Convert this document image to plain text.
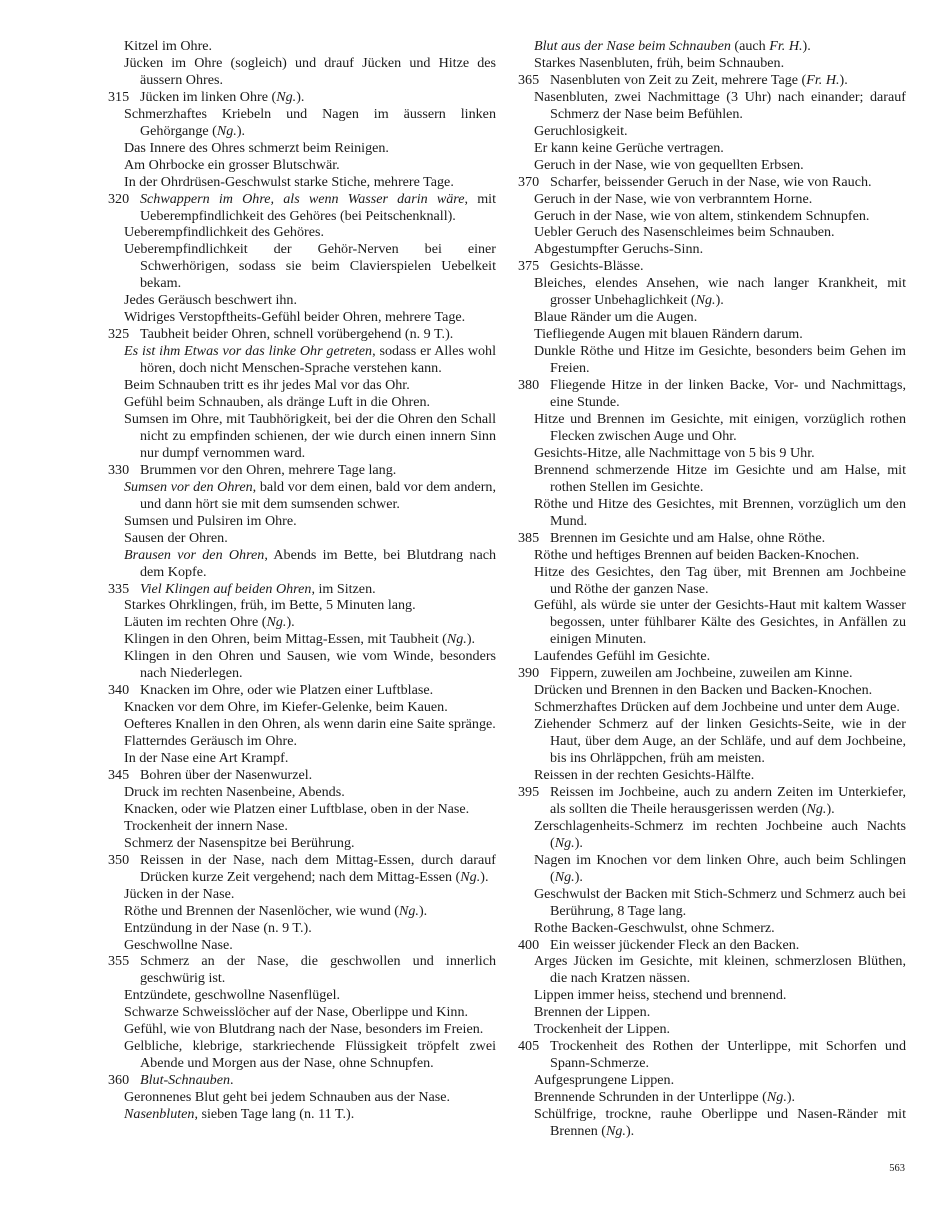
Kitzel im Ohre.

Jücken im Ohre (sogleich) und drauf Jücken und Hitze des äussern Ohres.

315 Jücken im linken Ohre (Ng.).

Schmerzhaftes Kriebeln und Nagen im äussern linken Gehörgange (Ng.).

Das Innere des Ohres schmerzt beim Reinigen.

Am Ohrbocke ein grosser Blutschwär.

In der Ohrdrüsen-Geschwulst starke Stiche, mehrere Tage.

320 Schwappern im Ohre, als wenn Wasser darin wäre, mit Ueberempfindlichkeit des Gehöres (bei Peitschenknall).

Ueberempfindlichkeit des Gehöres.

Ueberempfindlichkeit der Gehör-Nerven bei einer Schwerhörigen, sodass sie beim Clavierspielen Uebelkeit bekam.

Jedes Geräusch beschwert ihn.

Widriges Verstopftheits-Gefühl beider Ohren, mehrere Tage.

325 Taubheit beider Ohren, schnell vorübergehend (n. 9 T.).

Es ist ihm Etwas vor das linke Ohr getreten, sodass er Alles wohl hören, doch nicht Menschen-Sprache verstehen kann.

Beim Schnauben tritt es ihr jedes Mal vor das Ohr.

Gefühl beim Schnauben, als dränge Luft in die Ohren.

Sumsen im Ohre, mit Taubhörigkeit, bei der die Ohren den Schall nicht zu empfinden schienen, der wie durch einen innern Sinn nur dumpf vernommen ward.

330 Brummen vor den Ohren, mehrere Tage lang.

Sumsen vor den Ohren, bald vor dem einen, bald vor dem andern, und dann hört sie mit dem sumsenden schwer.

Sumsen und Pulsiren im Ohre.

Sausen der Ohren.

Brausen vor den Ohren, Abends im Bette, bei Blutdrang nach dem Kopfe.

335 Viel Klingen auf beiden Ohren, im Sitzen.

Starkes Ohrklingen, früh, im Bette, 5 Minuten lang.

Läuten im rechten Ohre (Ng.).

Klingen in den Ohren, beim Mittag-Essen, mit Taubheit (Ng.).

Klingen in den Ohren und Sausen, wie vom Winde, besonders nach Niederlegen.

340 Knacken im Ohre, oder wie Platzen einer Luftblase.

Knacken vor dem Ohre, im Kiefer-Gelenke, beim Kauen.

Oefteres Knallen in den Ohren, als wenn darin eine Saite spränge.

Flatterndes Geräusch im Ohre.

In der Nase eine Art Krampf.

345 Bohren über der Nasenwurzel.

Druck im rechten Nasenbeine, Abends.

Knacken, oder wie Platzen einer Luftblase, oben in der Nase.

Trockenheit der innern Nase.

Schmerz der Nasenspitze bei Berührung.

350 Reissen in der Nase, nach dem Mittag-Essen, durch darauf Drücken kurze Zeit vergehend; nach dem Mittag-Essen (Ng.).

Jücken in der Nase.

Röthe und Brennen der Nasenlöcher, wie wund (Ng.).

Entzündung in der Nase (n. 9 T.).

Geschwollne Nase.

355 Schmerz an der Nase, die geschwollen und innerlich geschwürig ist.

Entzündete, geschwollne Nasenflügel.

Schwarze Schweisslöcher auf der Nase, Oberlippe und Kinn.

Gefühl, wie von Blutdrang nach der Nase, besonders im Freien.

Gelbliche, klebrige, starkriechende Flüssigkeit tröpfelt zwei Abende und Morgen aus der Nase, ohne Schnupfen.

360 Blut-Schnauben.

Geronnenes Blut geht bei jedem Schnauben aus der Nase.

Nasenbluten, sieben Tage lang (n. 11 T.).

Blut aus der Nase beim Schnauben (auch Fr. H.).

Starkes Nasenbluten, früh, beim Schnauben.

365 Nasenbluten von Zeit zu Zeit, mehrere Tage (Fr. H.).

Nasenbluten, zwei Nachmittage (3 Uhr) nach einander; darauf Schmerz der Nase beim Befühlen.

Geruchlosigkeit.

Er kann keine Gerüche vertragen.

Geruch in der Nase, wie von gequellten Erbsen.

370 Scharfer, beissender Geruch in der Nase, wie von Rauch.

Geruch in der Nase, wie von verbranntem Horne.

Geruch in der Nase, wie von altem, stinkendem Schnupfen.

Uebler Geruch des Nasenschleimes beim Schnauben.

Abgestumpfter Geruchs-Sinn.

375 Gesichts-Blässe.

Bleiches, elendes Ansehen, wie nach langer Krankheit, mit grosser Unbehaglichkeit (Ng.).

Blaue Ränder um die Augen.

Tiefliegende Augen mit blauen Rändern darum.

Dunkle Röthe und Hitze im Gesichte, besonders beim Gehen im Freien.

380 Fliegende Hitze in der linken Backe, Vor- und Nachmittags, eine Stunde.

Hitze und Brennen im Gesichte, mit einigen, vorzüglich rothen Flecken zwischen Auge und Ohr.

Gesichts-Hitze, alle Nachmittage von 5 bis 9 Uhr.

Brennend schmerzende Hitze im Gesichte und am Halse, mit rothen Stellen im Gesichte.

Röthe und Hitze des Gesichtes, mit Brennen, vorzüglich um den Mund.

385 Brennen im Gesichte und am Halse, ohne Röthe.

Röthe und heftiges Brennen auf beiden Backen-Knochen.

Hitze des Gesichtes, den Tag über, mit Brennen am Jochbeine und Röthe der ganzen Nase.

Gefühl, als würde sie unter der Gesichts-Haut mit kaltem Wasser begossen, unter fühlbarer Kälte des Gesichtes, in Anfällen zu einigen Minuten.

Laufendes Gefühl im Gesichte.

390 Fippern, zuweilen am Jochbeine, zuweilen am Kinne.

Drücken und Brennen in den Backen und Backen-Knochen.

Schmerzhaftes Drücken auf dem Jochbeine und unter dem Auge.

Ziehender Schmerz auf der linken Gesichts-Seite, wie in der Haut, über dem Auge, an der Schläfe, und auf dem Jochbeine, bis ins Ohrläppchen, früh am meisten.

Reissen in der rechten Gesichts-Hälfte.

395 Reissen im Jochbeine, auch zu andern Zeiten im Unterkiefer, als sollten die Theile herausgerissen werden (Ng.).

Zerschlagenheits-Schmerz im rechten Jochbeine auch Nachts (Ng.).

Nagen im Knochen vor dem linken Ohre, auch beim Schlingen (Ng.).

Geschwulst der Backen mit Stich-Schmerz und Schmerz auch bei Berührung, 8 Tage lang.

Rothe Backen-Geschwulst, ohne Schmerz.

400 Ein weisser jückender Fleck an den Backen.

Arges Jücken im Gesichte, mit kleinen, schmerzlosen Blüthen, die nach Kratzen nässen.

Lippen immer heiss, stechend und brennend.

Brennen der Lippen.

Trockenheit der Lippen.

405 Trockenheit des Rothen der Unterlippe, mit Schorfen und Spann-Schmerze.

Aufgesprungene Lippen.

Brennende Schrunden in der Unterlippe (Ng.).

Schülfrige, trockne, rauhe Oberlippe und Nasen-Ränder mit Brennen (Ng.).

563
